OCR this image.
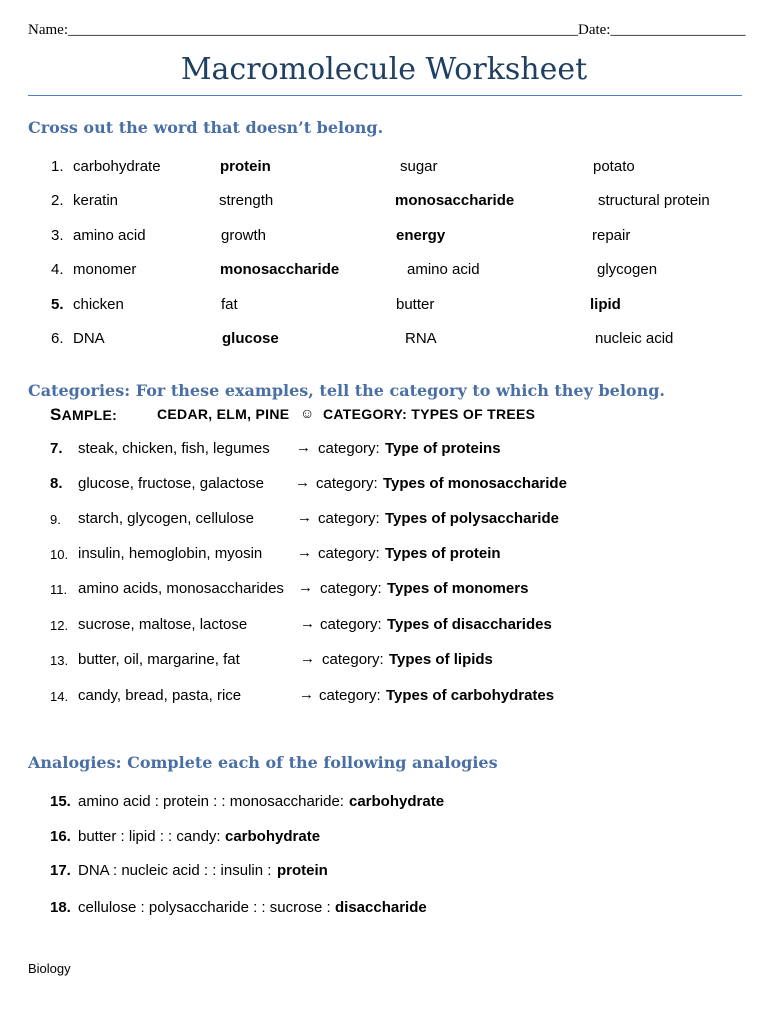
Name:____________________________________________________________________Date:__________________
Macromolecule Worksheet
Cross out the word that doesn’t belong.
1. carbohydrate	protein	sugar	potato
2. keratin	strength	monosaccharide	structural protein
3. amino acid	growth	energy	repair
4. monomer	monosaccharide	amino acid	glycogen
5. chicken	fat	butter	lipid
6. DNA	glucose	RNA	nucleic acid
Categories: For these examples, tell the category to which they belong.
SAMPLE:	CEDAR, ELM, PINE ☺ CATEGORY: TYPES OF TREES
7. steak, chicken, fish, legumes → category: Type of proteins
8. glucose, fructose, galactose → category: Types of monosaccharide
9. starch, glycogen, cellulose	→ category: Types of polysaccharide
10. insulin, hemoglobin, myosin → category: Types of protein
11. amino acids, monosaccharides → category: Types of monomers
12. sucrose, maltose, lactose	→ category: Types of disaccharides
13. butter, oil, margarine, fat	→ category: Types of lipids
14. candy, bread, pasta, rice	→ category: Types of carbohydrates
Analogies: Complete each of the following analogies
15. amino acid : protein : : monosaccharide: carbohydrate
16. butter : lipid : : candy: carbohydrate
17. DNA : nucleic acid : : insulin : protein
18. cellulose : polysaccharide : : sucrose : disaccharide
Biology
